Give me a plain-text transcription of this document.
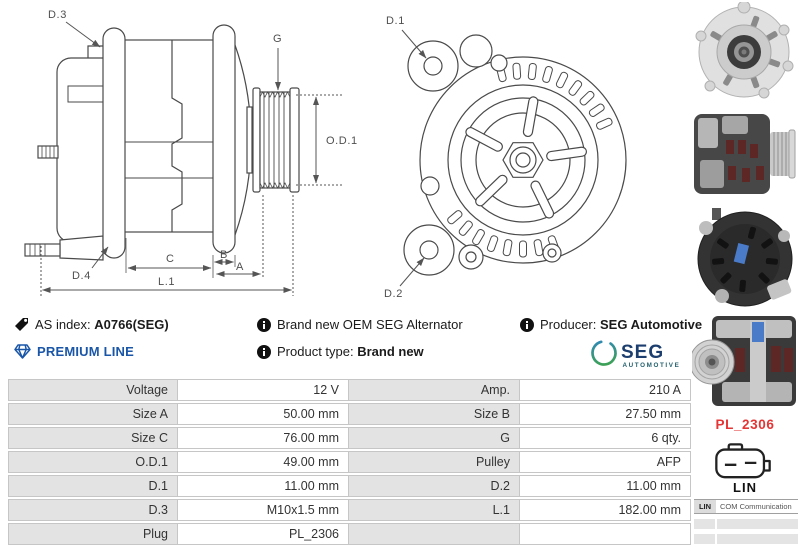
D.3
G
O.D.1
D.4
C	B
A
L.1
D.1
D.2
AS index: A0766(SEG)	Brand new OEM SEG Alternator	Producer: SEG Automotive
PREMIUM LINE	Product type: Brand new	SEG
AUTOMOTIVE
Voltage	12 V	Amp.	210 A
Size A	50.00 mm	Size B	27.50 mm
Size C	76.00 mm	G	6 qty.
O.D.1	49.00 mm	Pulley	AFP
D.1	11.00 mm	D.2	11.00 mm
D.3	M10x1.5 mm	L.1	182.00 mm
Plug	PL_2306
PL_2306
LIN
LIN	COM Communication
